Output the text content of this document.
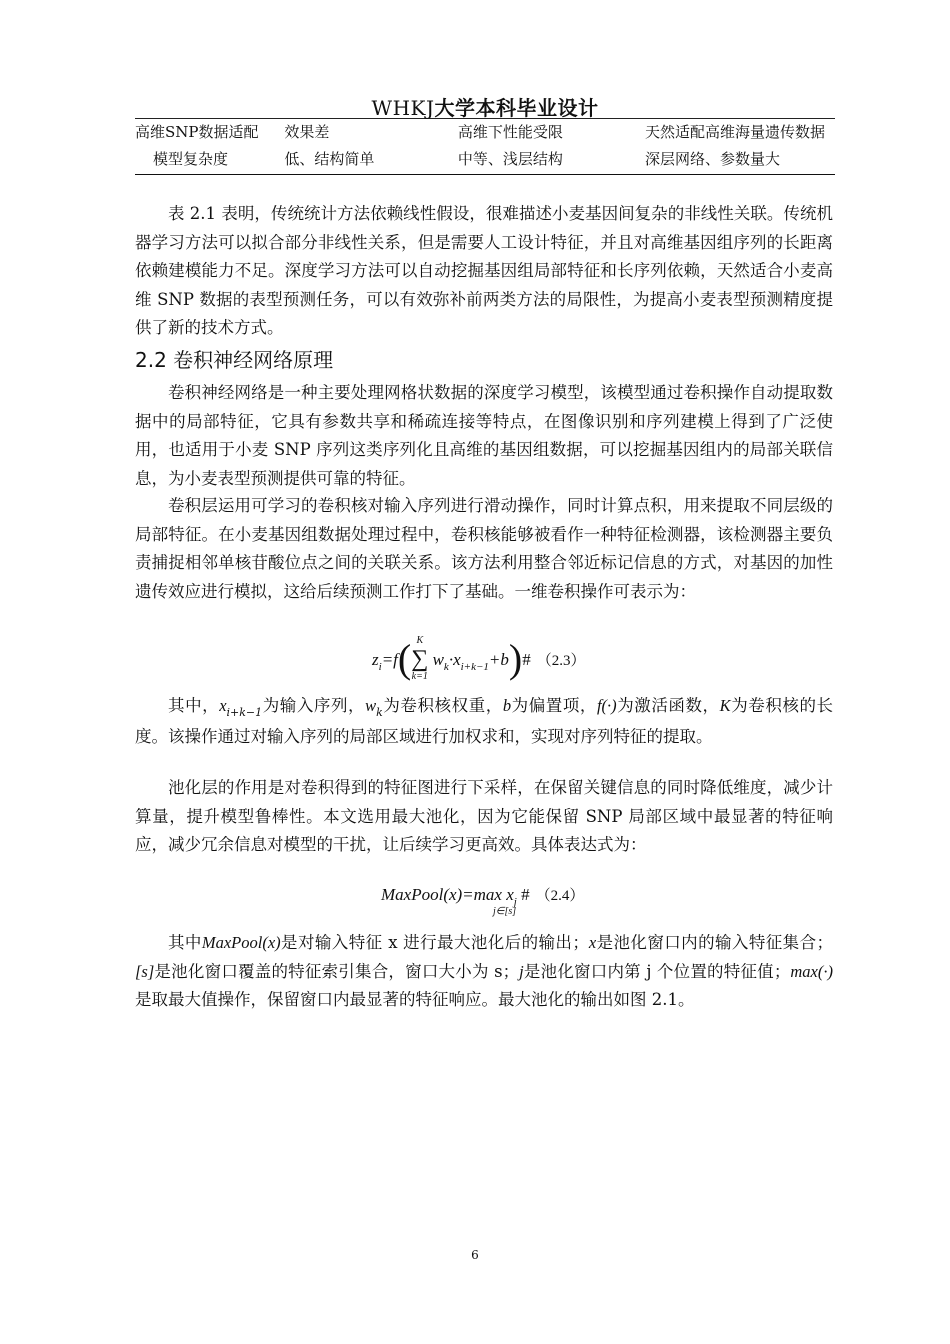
WHKJ大学本科毕业设计
高维SNP数据适配	效果差	高维下性能受限	天然适配高维海量遗传数据
模型复杂度	低、结构简单	中等、浅层结构	深层网络、参数量大

表 2.1 表明，传统统计方法依赖线性假设，很难描述小麦基因间复杂的非线性关联。传统机器学习方法可以拟合部分非线性关系，但是需要人工设计特征，并且对高维基因组序列的长距离依赖建模能力不足。深度学习方法可以自动挖掘基因组局部特征和长序列依赖，天然适合小麦高维 SNP 数据的表型预测任务，可以有效弥补前两类方法的局限性，为提高小麦表型预测精度提供了新的技术方式。

2.2 卷积神经网络原理

卷积神经网络是一种主要处理网格状数据的深度学习模型，该模型通过卷积操作自动提取数据中的局部特征，它具有参数共享和稀疏连接等特点，在图像识别和序列建模上得到了广泛使用，也适用于小麦 SNP 序列这类序列化且高维的基因组数据，可以挖掘基因组内的局部关联信息，为小麦表型预测提供可靠的特征。

卷积层运用可学习的卷积核对输入序列进行滑动操作，同时计算点积，用来提取不同层级的局部特征。在小麦基因组数据处理过程中，卷积核能够被看作一种特征检测器，该检测器主要负责捕捉相邻单核苷酸位点之间的关联关系。该方法利用整合邻近标记信息的方式，对基因的加性遗传效应进行模拟，这给后续预测工作打下了基础。一维卷积操作可表示为：

$z_i=f$( K
∑
k=1
$w_k\cdot x_{i+k-1}+b)\#$ （2.3）

其中，$x_{i+k-1}$为输入序列，$w_k$为卷积核权重，b为偏置项，f(·)为激活函数，K为卷积核的长度。该操作通过对输入序列的局部区域进行加权求和，实现对序列特征的提取。

池化层的作用是对卷积得到的特征图进行下采样，在保留关键信息的同时降低维度，减少计算量，提升模型鲁棒性。本文选用最大池化，因为它能保留 SNP 局部区域中最显著的特征响应，减少冗余信息对模型的干扰，让后续学习更高效。具体表达式为：

MaxPool(x)=max $x_j$ # （2.4）
j∈[s]

其中MaxPool(x)是对输入特征 x 进行最大池化后的输出；x是池化窗口内的输入特征集合；[s]是池化窗口覆盖的特征索引集合，窗口大小为 s；j是池化窗口内第 j 个位置的特征值；max(·)是取最大值操作，保留窗口内最显著的特征响应。最大池化的输出如图 2.1。

6
